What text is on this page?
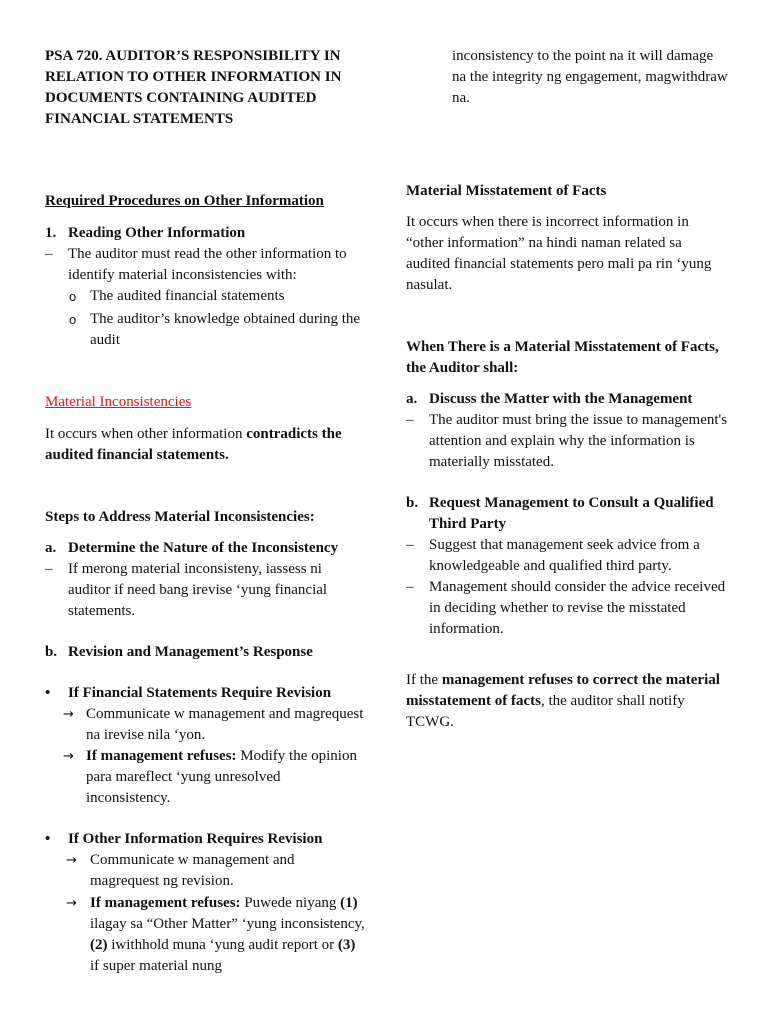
PSA 720. AUDITOR’S RESPONSIBILITY IN RELATION TO OTHER INFORMATION IN DOCUMENTS CONTAINING AUDITED FINANCIAL STATEMENTS
Required Procedures on Other Information
1. Reading Other Information
–	The auditor must read the other information to identify material inconsistencies with:
o The audited financial statements
o The auditor’s knowledge obtained during the audit
Material Inconsistencies
It occurs when other information contradicts the audited financial statements.
Steps to Address Material Inconsistencies:
a. Determine the Nature of the Inconsistency
–	If merong material inconsisteny, iassess ni auditor if need bang irevise ‘yung financial statements.
b. Revision and Management’s Response
•	If Financial Statements Require Revision
→ Communicate w management and magrequest na irevise nila ‘yon.
→ If management refuses: Modify the opinion para mareflect ‘yung unresolved inconsistency.
•	If Other Information Requires Revision
→ Communicate w management and magrequest ng revision.
→ If management refuses: Puwede niyang (1) ilagay sa “Other Matter” ‘yung inconsistency, (2) iwithhold muna ‘yung audit report or (3) if super material nung
inconsistency to the point na it will damage na the integrity ng engagement, magwithdraw na.
Material Misstatement of Facts
It occurs when there is incorrect information in “other information” na hindi naman related sa audited financial statements pero mali pa rin ‘yung nasulat.
When There is a Material Misstatement of Facts, the Auditor shall:
a. Discuss the Matter with the Management
–	The auditor must bring the issue to management's attention and explain why the information is materially misstated.
b. Request Management to Consult a Qualified Third Party
–	Suggest that management seek advice from a knowledgeable and qualified third party.
–	Management should consider the advice received in deciding whether to revise the misstated information.
If the management refuses to correct the material misstatement of facts, the auditor shall notify TCWG.
